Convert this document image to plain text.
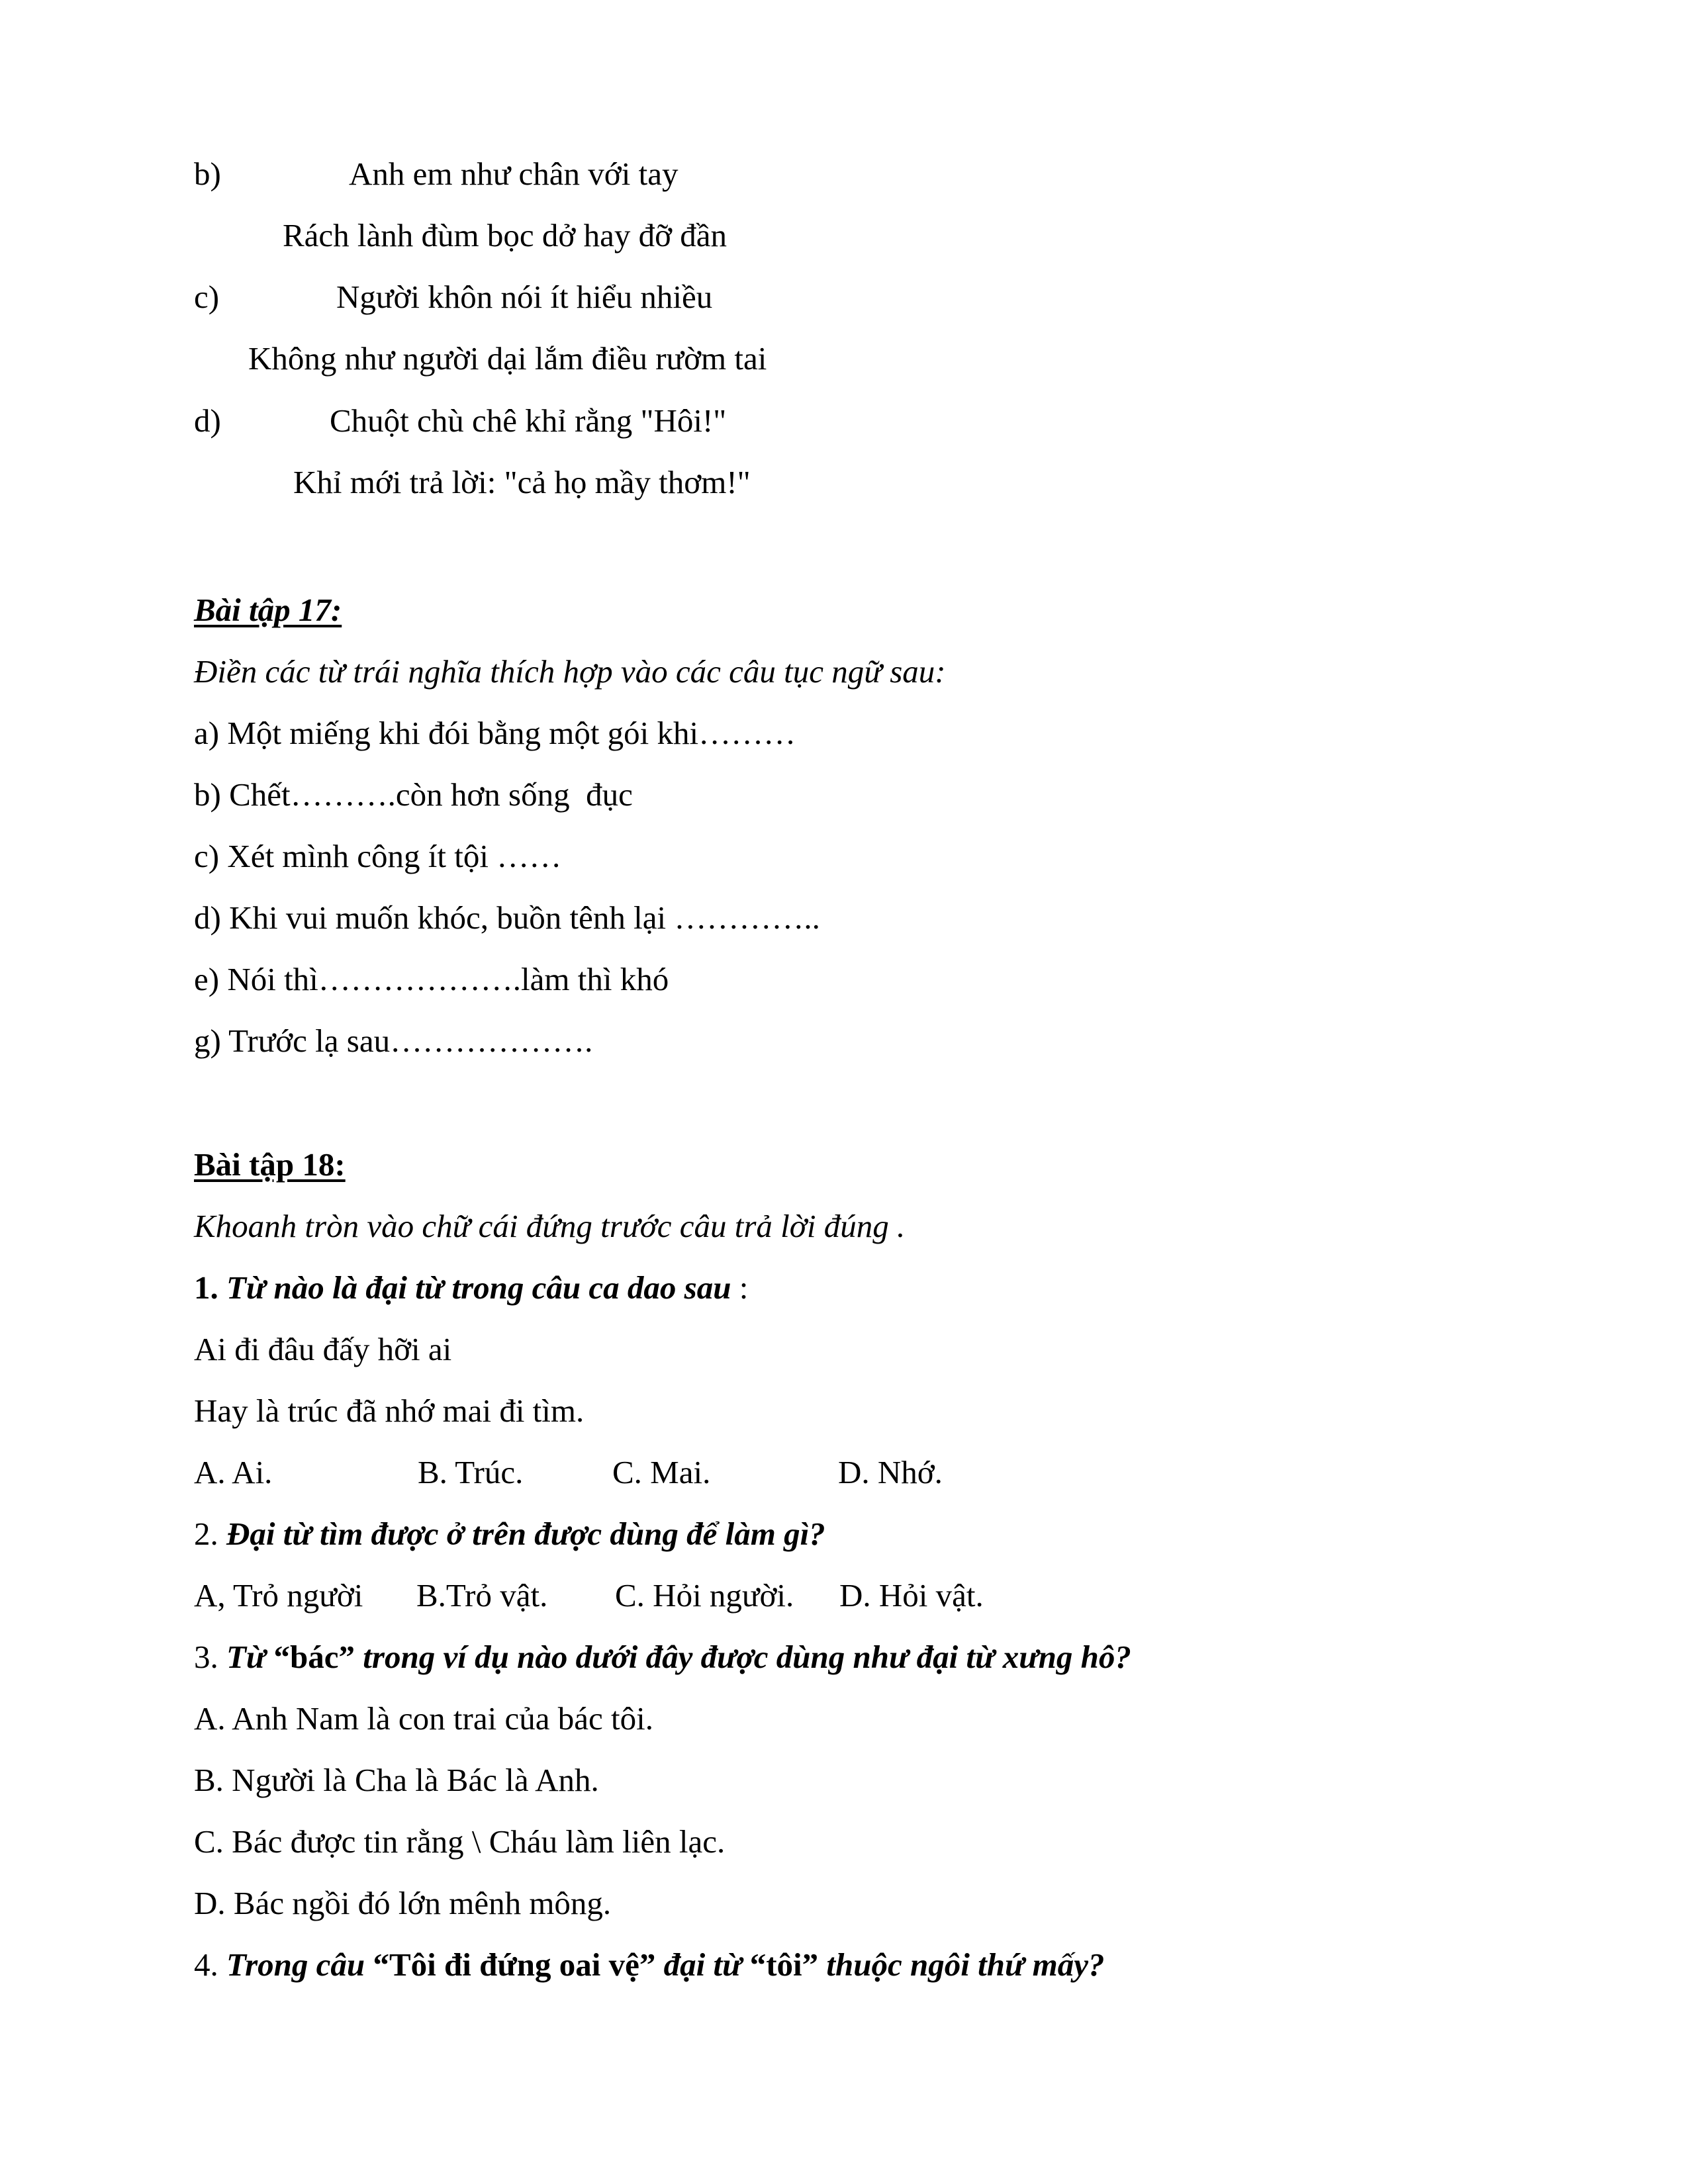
b)	Anh em như chân với tay
Rách lành đùm bọc dở hay đỡ đần
c)	Người khôn nói ít hiểu nhiều
Không như người dại lắm điều rườm tai
d)	Chuột chù chê khỉ rằng "Hôi!"
Khỉ mới trả lời: "cả họ mầy thơm!"
Bài tập 17:
Điền các từ trái nghĩa thích hợp vào các câu tục ngữ sau:
a) Một miếng khi đói bằng một gói khi………
b) Chết……….còn hơn sống  đục
c) Xét mình công ít tội ……
d) Khi vui muốn khóc, buồn tênh lại …………..
e) Nói thì……………….làm thì khó
g) Trước lạ sau……………….
Bài tập 18:
Khoanh tròn vào chữ cái đứng trước câu trả lời đúng .
1. Từ nào là đại từ trong câu ca dao sau :
Ai đi đâu đấy hỡi ai
Hay là trúc đã nhớ mai đi tìm.
A. Ai.	B. Trúc.	C. Mai.	D. Nhớ.
2. Đại từ tìm được ở trên được dùng để làm gì?
A, Trỏ người B.Trỏ vật. C. Hỏi người. D. Hỏi vật.
3. Từ “bác” trong ví dụ nào dưới đây được dùng như đại từ xưng hô?
A. Anh Nam là con trai của bác tôi.
B. Người là Cha là Bác là Anh.
C. Bác được tin rằng \ Cháu làm liên lạc.
D. Bác ngồi đó lớn mênh mông.
4. Trong câu “Tôi đi đứng oai vệ” đại từ “tôi” thuộc ngôi thứ mấy?
